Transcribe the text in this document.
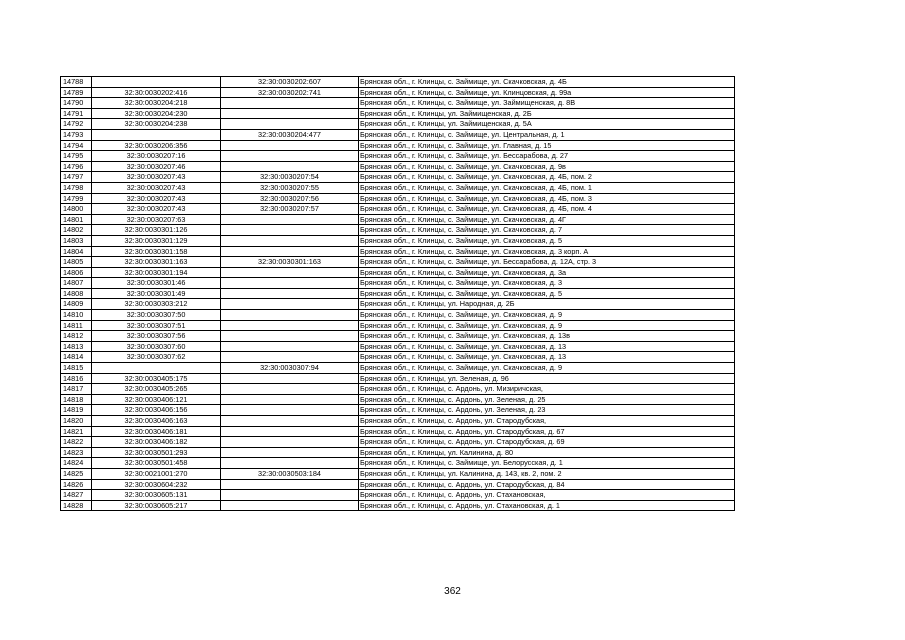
14788		32:30:0030202:607	Брянская обл., г. Клинцы, с. Займище, ул. Скачковская, д. 4Б
14789	32:30:0030202:416	32:30:0030202:741	Брянская обл., г. Клинцы, с. Займище, ул. Клинцовская, д. 99а
14790	32:30:0030204:218		Брянская обл., г. Клинцы, с. Займище, ул. Займищенская, д. 8В
14791	32:30:0030204:230		Брянская обл., г. Клинцы, ул. Займищенская, д. 2Б
14792	32:30:0030204:238		Брянская обл., г. Клинцы, ул. Займищенская, д. 5А
14793		32:30:0030204:477	Брянская обл., г. Клинцы, с. Займище, ул. Центральная, д. 1
14794	32:30:0030206:356		Брянская обл., г. Клинцы, с. Займище, ул. Главная, д. 15
14795	32:30:0030207:16		Брянская обл., г. Клинцы, с. Займище, ул. Бессарабова, д. 27
14796	32:30:0030207:46		Брянская обл., г. Клинцы, с. Займище, ул. Скачковская, д. 9в
14797	32:30:0030207:43	32:30:0030207:54	Брянская обл., г. Клинцы, с. Займище, ул. Скачковская, д. 4Б, пом. 2
14798	32:30:0030207:43	32:30:0030207:55	Брянская обл., г. Клинцы, с. Займище, ул. Скачковская, д. 4Б, пом. 1
14799	32:30:0030207:43	32:30:0030207:56	Брянская обл., г. Клинцы, с. Займище, ул. Скачковская, д. 4Б, пом. 3
14800	32:30:0030207:43	32:30:0030207:57	Брянская обл., г. Клинцы, с. Займище, ул. Скачковская, д. 4Б, пом. 4
14801	32:30:0030207:63		Брянская обл., г. Клинцы, с. Займище, ул. Скачковская, д. 4Г
14802	32:30:0030301:126		Брянская обл., г. Клинцы, с. Займище, ул. Скачковская, д. 7
14803	32:30:0030301:129		Брянская обл., г. Клинцы, с. Займище, ул. Скачковская, д. 5
14804	32:30:0030301:158		Брянская обл., г. Клинцы, с. Займище, ул. Скачковская, д. 3 корп. А
14805	32:30:0030301:163	32:30:0030301:163	Брянская обл., г. Клинцы, с. Займище, ул. Бессарабова, д. 12А, стр. 3
14806	32:30:0030301:194		Брянская обл., г. Клинцы, с. Займище, ул. Скачковская, д. 3а
14807	32:30:0030301:46		Брянская обл., г. Клинцы, с. Займище, ул. Скачковская, д. 3
14808	32:30:0030301:49		Брянская обл., г. Клинцы, с. Займище, ул. Скачковская, д. 5
14809	32:30:0030303:212		Брянская обл., г. Клинцы, ул. Народная, д. 2Б
14810	32:30:0030307:50		Брянская обл., г. Клинцы, с. Займище, ул. Скачковская, д. 9
14811	32:30:0030307:51		Брянская обл., г. Клинцы, с. Займище, ул. Скачковская, д. 9
14812	32:30:0030307:56		Брянская обл., г. Клинцы, с. Займище, ул. Скачковская, д. 13в
14813	32:30:0030307:60		Брянская обл., г. Клинцы, с. Займище, ул. Скачковская, д. 13
14814	32:30:0030307:62		Брянская обл., г. Клинцы, с. Займище, ул. Скачковская, д. 13
14815		32:30:0030307:94	Брянская обл., г. Клинцы, с. Займище, ул. Скачковская, д. 9
14816	32:30:0030405:175		Брянская обл., г. Клинцы, ул. Зеленая, д. 96
14817	32:30:0030405:265		Брянская обл., г. Клинцы, с. Ардонь, ул. Мизиричская,
14818	32:30:0030406:121		Брянская обл., г. Клинцы, с. Ардонь, ул. Зеленая, д. 25
14819	32:30:0030406:156		Брянская обл., г. Клинцы, с. Ардонь, ул. Зеленая, д. 23
14820	32:30:0030406:163		Брянская обл., г. Клинцы, с. Ардонь, ул. Стародубская,
14821	32:30:0030406:181		Брянская обл., г. Клинцы, с. Ардонь, ул. Стародубская, д. 67
14822	32:30:0030406:182		Брянская обл., г. Клинцы, с. Ардонь, ул. Стародубская, д. 69
14823	32:30:0030501:293		Брянская обл., г. Клинцы, ул. Калинина, д. 80
14824	32:30:0030501:458		Брянская обл., г. Клинцы, с. Займище, ул. Белорусская, д. 1
14825	32:30:0021001:270	32:30:0030503:184	Брянская обл., г. Клинцы, ул. Калинина, д. 143, кв. 2, пом. 2
14826	32:30:0030604:232		Брянская обл., г. Клинцы, с. Ардонь, ул. Стародубская, д. 84
14827	32:30:0030605:131		Брянская обл., г. Клинцы, с. Ардонь, ул. Стахановская,
14828	32:30:0030605:217		Брянская обл., г. Клинцы, с. Ардонь, ул. Стахановская, д. 1
362
